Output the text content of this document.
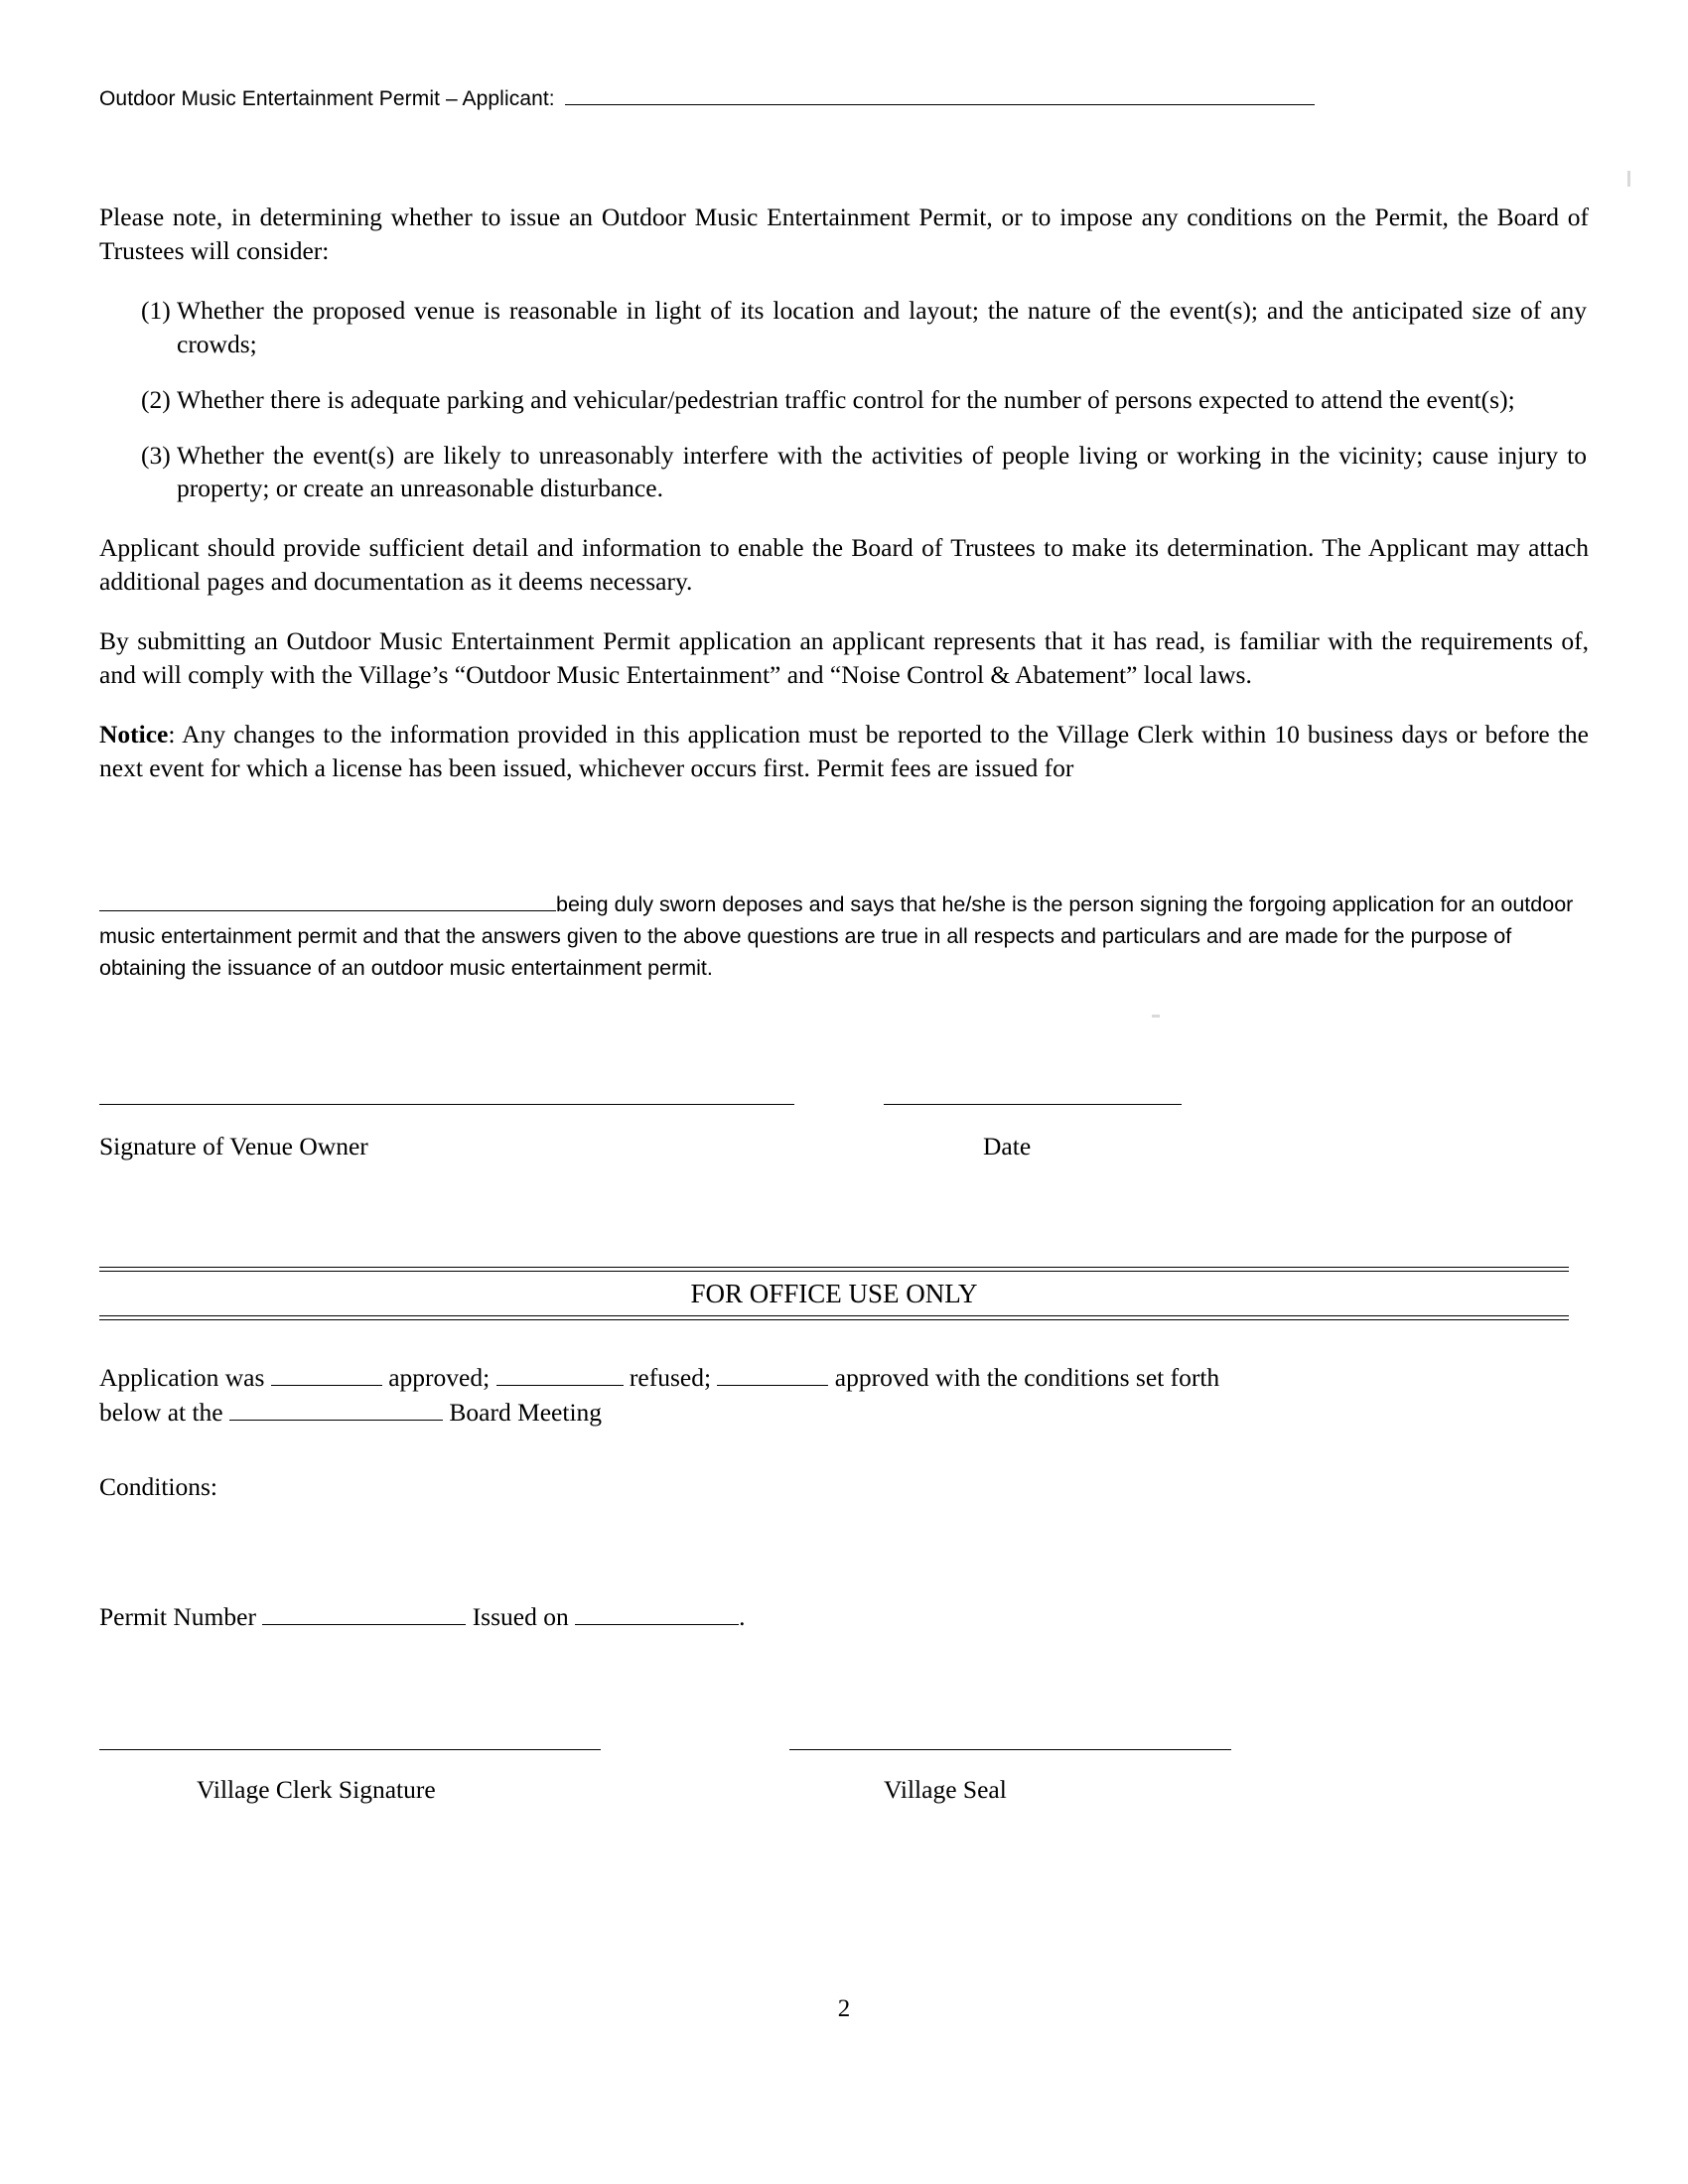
Outdoor Music Entertainment Permit – Applicant:

Please note, in determining whether to issue an Outdoor Music Entertainment Permit, or to impose any conditions on the Permit, the Board of Trustees will consider:

(1) Whether the proposed venue is reasonable in light of its location and layout; the nature of the event(s); and the anticipated size of any crowds;
(2) Whether there is adequate parking and vehicular/pedestrian traffic control for the number of persons expected to attend the event(s);
(3) Whether the event(s) are likely to unreasonably interfere with the activities of people living or working in the vicinity; cause injury to property; or create an unreasonable disturbance.

Applicant should provide sufficient detail and information to enable the Board of Trustees to make its determination. The Applicant may attach additional pages and documentation as it deems necessary.

By submitting an Outdoor Music Entertainment Permit application an applicant represents that it has read, is familiar with the requirements of, and will comply with the Village’s “Outdoor Music Entertainment” and “Noise Control & Abatement” local laws.

Notice: Any changes to the information provided in this application must be reported to the Village Clerk within 10 business days or before the next event for which a license has been issued, whichever occurs first. Permit fees are issued for

being duly sworn deposes and says that he/she is the person signing the forgoing application for an outdoor music entertainment permit and that the answers given to the above questions are true in all respects and particulars and are made for the purpose of obtaining the issuance of an outdoor music entertainment permit.
Signature of Venue Owner	Date
FOR OFFICE USE ONLY
Application was	approved;	refused;	approved with the conditions set forth
below at the	Board Meeting
Conditions:
Permit Number	Issued on	.
Village Clerk Signature	Village Seal
2
